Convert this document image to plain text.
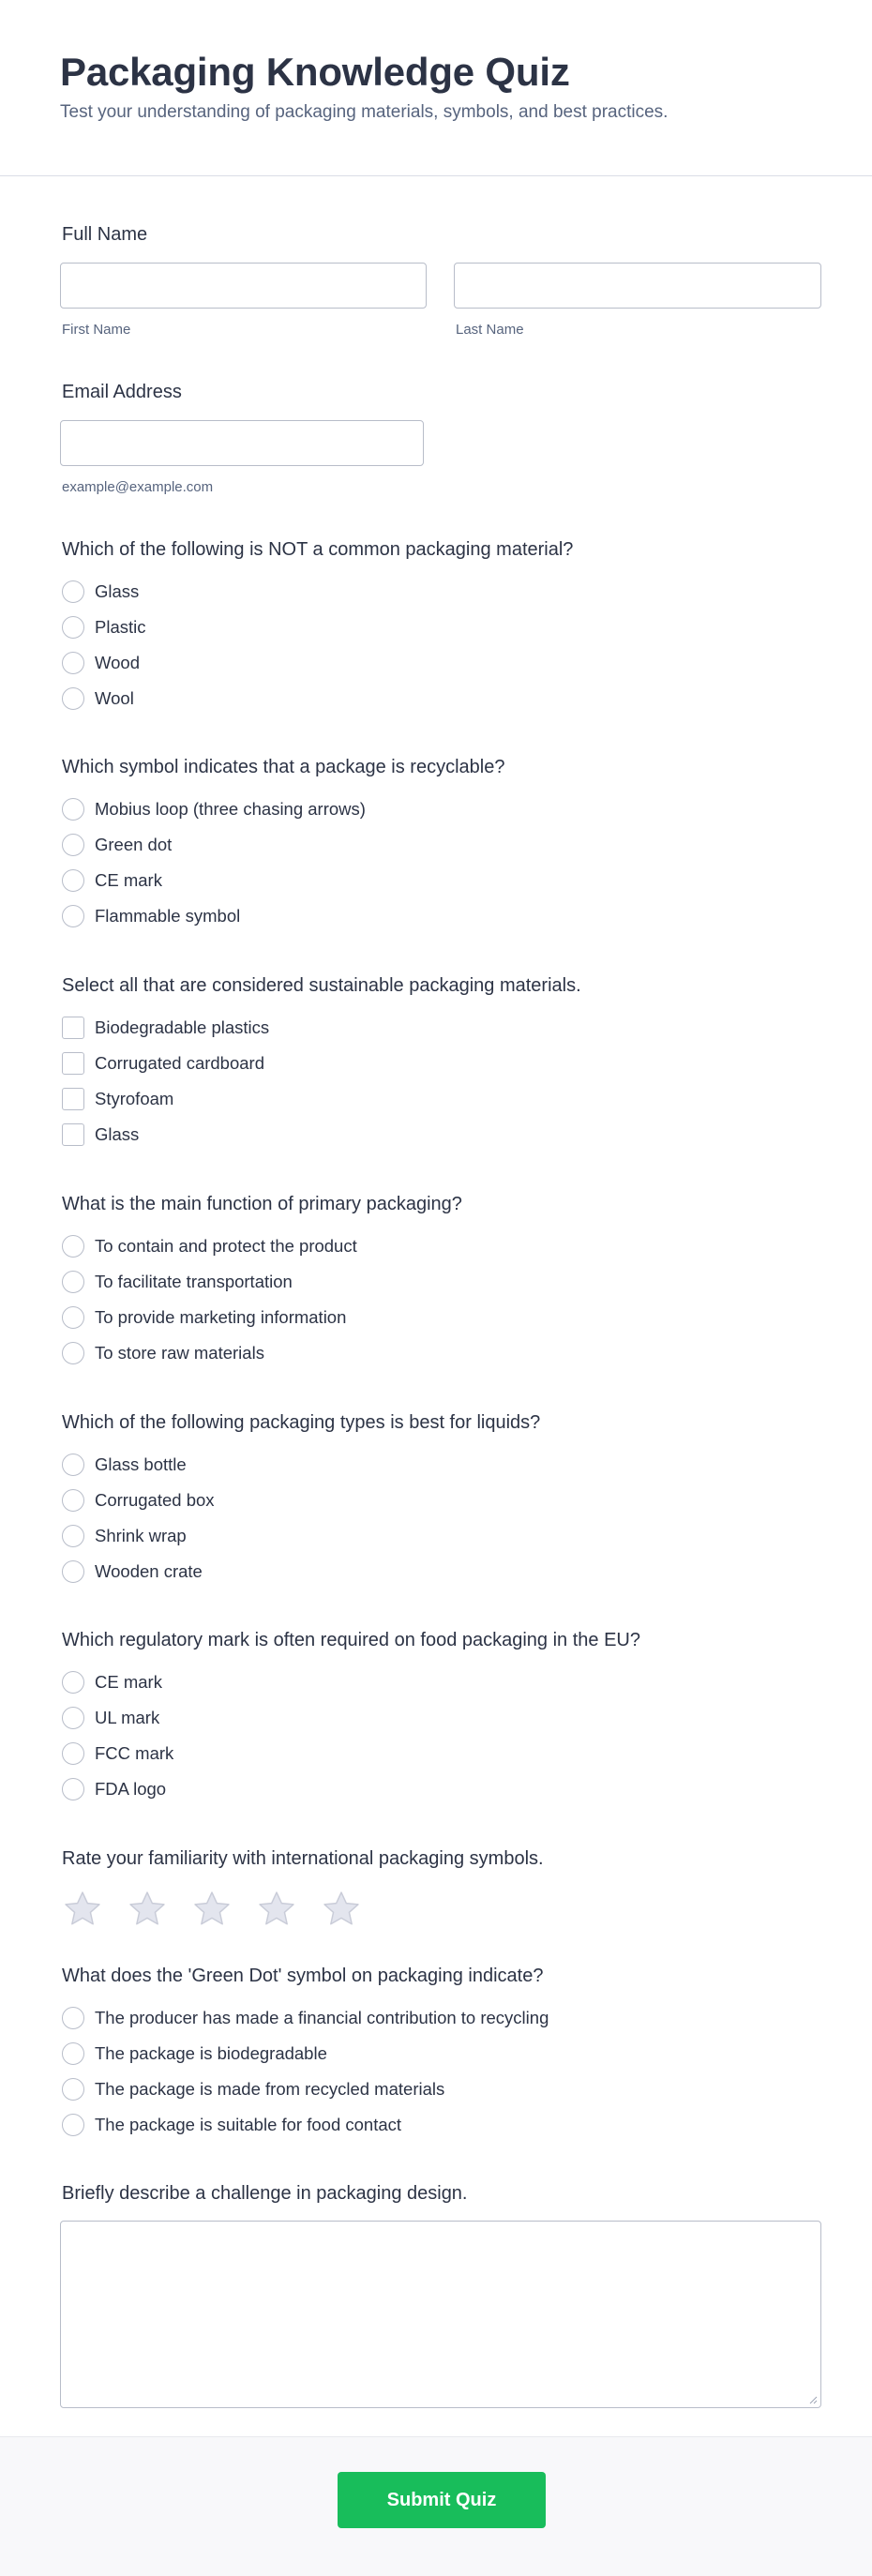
Packaging Knowledge Quiz
Test your understanding of packaging materials, symbols, and best practices.
Full Name
First Name	Last Name
Email Address
example@example.com
Which of the following is NOT a common packaging material?
Glass
Plastic
Wood
Wool
Which symbol indicates that a package is recyclable?
Mobius loop (three chasing arrows)
Green dot
CE mark
Flammable symbol
Select all that are considered sustainable packaging materials.
Biodegradable plastics
Corrugated cardboard
Styrofoam
Glass
What is the main function of primary packaging?
To contain and protect the product
To facilitate transportation
To provide marketing information
To store raw materials
Which of the following packaging types is best for liquids?
Glass bottle
Corrugated box
Shrink wrap
Wooden crate
Which regulatory mark is often required on food packaging in the EU?
CE mark
UL mark
FCC mark
FDA logo
Rate your familiarity with international packaging symbols.
What does the 'Green Dot' symbol on packaging indicate?
The producer has made a financial contribution to recycling
The package is biodegradable
The package is made from recycled materials
The package is suitable for food contact
Briefly describe a challenge in packaging design.
Submit Quiz
